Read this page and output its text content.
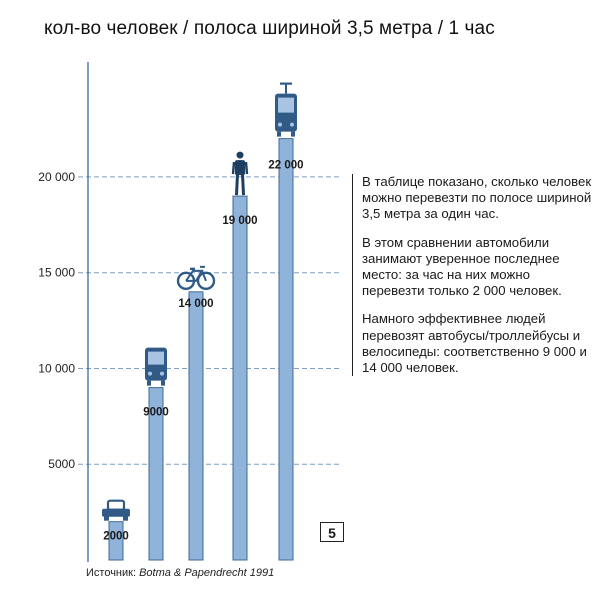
кол-во человек / полоса шириной 3,5 метра / 1 час
5000
10 000
15 000
20 000
2000
9000
14 000
19 000
22 000

В таблице показано, сколько человек можно перевезти по полосе шириной 3,5 метра за один час.

В этом сравнении автомобили занимают уверенное последнее место: за час на них можно перевезти только 2 000 человек.

Намного эффективнее людей перевозят автобусы/троллейбусы и велосипеды: соответственно 9 000 и 14 000 человек.

5
Источник: Botma & Papendrecht 1991
